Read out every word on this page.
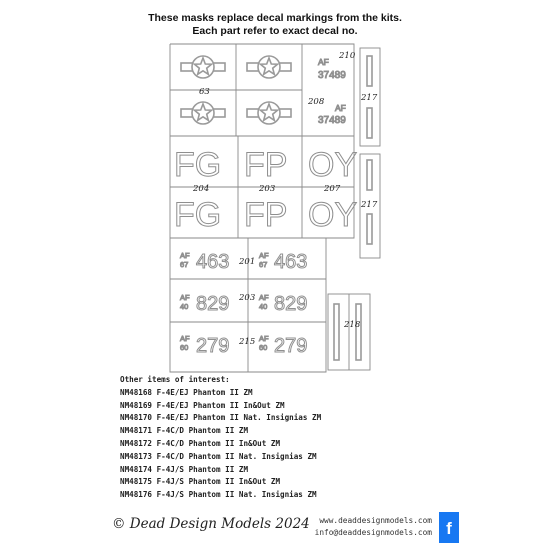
These masks replace decal markings from the kits.
Each part refer to exact decal no.
AF
37489
AF
37489
FG FP OY
FG FP OY
AF
67 463
AF
40 829
AF
60 279
AF
67 463
AF
40 829
AF
60 279
210
63
208	217
204	203	207
217
201
203
218
215
Other items of interest:
NM48168 F-4E/EJ Phantom II ZM
NM48169 F-4E/EJ Phantom II In&Out ZM
NM48170 F-4E/EJ Phantom II Nat. Insignias ZM
NM48171 F-4C/D Phantom II ZM
NM48172 F-4C/D Phantom II In&Out ZM
NM48173 F-4C/D Phantom II Nat. Insignias ZM
NM48174 F-4J/S Phantom II ZM
NM48175 F-4J/S Phantom II In&Out ZM
NM48176 F-4J/S Phantom II Nat. Insignias ZM
© Dead Design Models 2024	www.deaddesignmodels.com
info@deaddesignmodels.com f
